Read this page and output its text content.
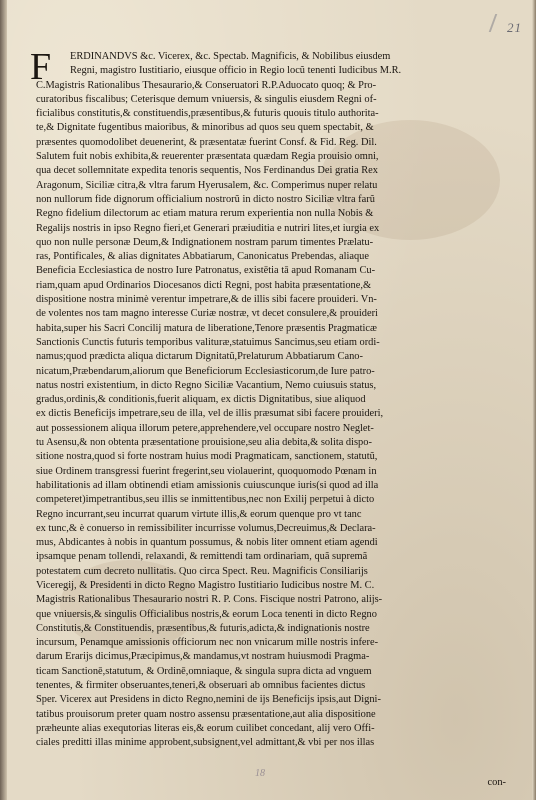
21
F	ERDINANDVS &c. Vicerex, &c. Spectab. Magnificis, & Nobilibus eiusdem
Regni, magistro Iustitiario, eiusque officio in Regio locũ tenenti Iudicibus M.R.
C.Magistris Rationalibus Thesaurario,& Conseruatori R.P.Aduocato quoq; & Pro-
curatoribus fiscalibus; Ceterisque demum vniuersis, & singulis eiusdem Regni of-
ficialibus constitutis,& constituendis,præsentibus,& futuris quouis titulo authorita-
te,& Dignitate fugentibus maioribus, & minoribus ad quos seu quem spectabit, &
præsentes quomodolibet deuenerint, & præsentatæ fuerint Consf. & Fid. Reg. Dil.
Salutem fuit nobis exhibita,& reuerenter præsentata quædam Regia prouisio omni,
qua decet sollemnitate expedita tenoris sequentis, Nos Ferdinandus Dei gratia Rex
Aragonum, Siciliæ citra,& vltra farum Hyerusalem, &c. Comperimus nuper relatu
non nullorum fide dignorum officialium nostrorũ in dicto nostro Siciliæ vltra farũ
Regno fidelium dilectorum ac etiam matura rerum experientia non nulla Nobis &
Regalijs nostris in ipso Regno fieri,et Generari præiuditia e nutriri lites,et iurgia ex
quo non nulle personæ Deum,& Indignationem nostram parum timentes Prælatu-
ras, Pontificales, & alias dignitates Abbatiarum, Canonicatus Prebendas, aliaque
Beneficia Ecclesiastica de nostro Iure Patronatus, existētia tā apud Romanam Cu-
riam,quam apud Ordinarios Diocesanos dicti Regni, post habita præsentatione,&
dispositione nostra minimè verentur impetrare,& de illis sibi facere prouideri. Vn-
de volentes nos tam magno interesse Curiæ nostræ, vt decet consulere,& prouideri
habita,super his Sacri Concilij matura de liberatione,Tenore præsentis Pragmaticæ
Sanctionis Cunctis futuris temporibus valituræ,statuimus Sancimus,seu etiam ordi-
namus;quod prædicta aliqua dictarum Dignitatũ,Prelaturum Abbatiarum Cano-
nicatum,Præbendarum,aliorum que Beneficiorum Ecclesiasticorum,de Iure patro-
natus nostri existentium, in dicto Regno Siciliæ Vacantium, Nemo cuiusuis status,
gradus,ordinis,& conditionis,fuerit aliquam, ex dictis Dignitatibus, siue aliquod
ex dictis Beneficijs impetrare,seu de illa, vel de illis præsumat sibi facere prouideri,
aut possessionem aliqua illorum petere,apprehendere,vel occupare nostro Neglet-
tu Asensu,& non obtenta præsentatione prouisione,seu alia debita,& solita dispo-
sitione nostra,quod si forte nostram huius modi Pragmaticam, sanctionem, statutũ,
siue Ordinem transgressi fuerint fregerint,seu violauerint, quoquomodo Pœnam in
habilitationis ad illam obtinendi etiam amissionis cuiuscunque iuris(si quod ad illa
competeret)impetrantibus,seu illis se inmittentibus,nec non Exilij perpetui à dicto
Regno incurrant,seu incurrat quarum virtute illis,& eorum quenque pro vt tanc
ex tunc,& è conuerso in remissibiliter incurrisse volumus,Decreuimus,& Declara-
mus, Abdicantes à nobis in quantum possumus, & nobis liter omnent etiam agendi
ipsamque penam tollendi, relaxandi, & remittendi tam ordinariam, quã supremã
potestatem cum decreto nullitatis. Quo circa Spect. Reu. Magnificis Consiliarijs
Viceregij, & Presidenti in dicto Regno Magistro Iustitiario Iudicibus nostre M. C.
Magistris Rationalibus Thesaurario nostri R. P. Cons. Fiscique nostri Patrono, alijs-
que vniuersis,& singulis Officialibus nostris,& eorum Loca tenenti in dicto Regno
Constitutis,& Constituendis, præsentibus,& futuris,adicta,& indignationis nostre
incursum, Penamque amissionis officiorum nec non vnicarum mille nostris infere-
darum Erarijs dicimus,Præcipimus,& mandamus,vt nostram huiusmodi Pragma-
ticam Sanctionē,statutum, & Ordinē,omniaque, & singula supra dicta ad vnguem
tenentes, & firmiter obseruantes,teneri,& obseruari ab omnibus facientes dictus
Sper. Vicerex aut Presidens in dicto Regno,nemini de ijs Beneficijs ipsis,aut Digni-
tatibus prouisorum preter quam nostro assensu præsentatione,aut alia dispositione
præheunte alias exequtorias literas eis,& eorum cuilibet concedant, alij vero Offi-
ciales preditti illas minime approbent,subsignent,vel admittant,& vbi per nos illas
18
con-
